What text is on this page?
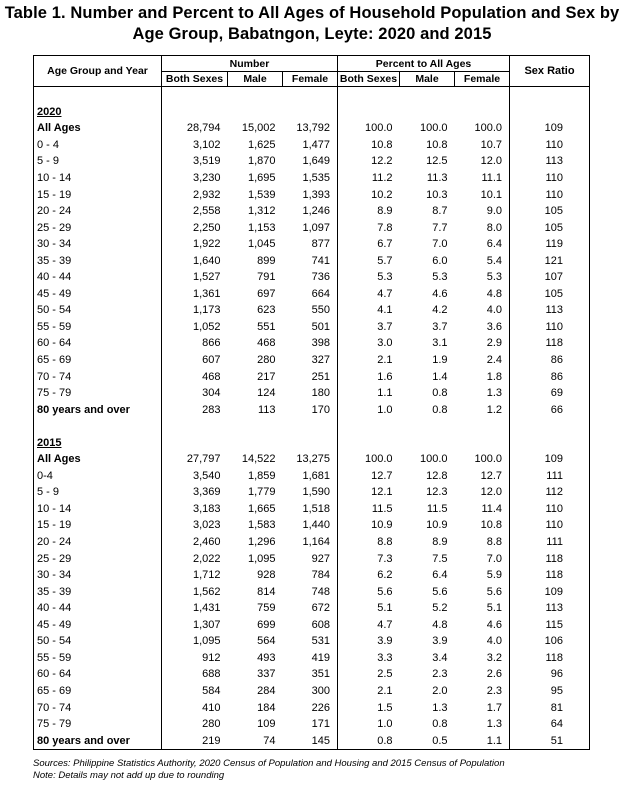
Table 1. Number and Percent to All Ages of Household Population and Sex by Age Group, Babatngon, Leyte: 2020 and 2015
Age Group and Year	Number			Percent to All Ages			Sex Ratio
	Both Sexes	Male	Female	Both Sexes	Male	Female	

2020							
All Ages	28,794	15,002	13,792	100.0	100.0	100.0	109
0 - 4	3,102	1,625	1,477	10.8	10.8	10.7	110
5 - 9	3,519	1,870	1,649	12.2	12.5	12.0	113
10 - 14	3,230	1,695	1,535	11.2	11.3	11.1	110
15 - 19	2,932	1,539	1,393	10.2	10.3	10.1	110
20 - 24	2,558	1,312	1,246	8.9	8.7	9.0	105
25 - 29	2,250	1,153	1,097	7.8	7.7	8.0	105
30 - 34	1,922	1,045	877	6.7	7.0	6.4	119
35 - 39	1,640	899	741	5.7	6.0	5.4	121
40 - 44	1,527	791	736	5.3	5.3	5.3	107
45 - 49	1,361	697	664	4.7	4.6	4.8	105
50 - 54	1,173	623	550	4.1	4.2	4.0	113
55 - 59	1,052	551	501	3.7	3.7	3.6	110
60 - 64	866	468	398	3.0	3.1	2.9	118
65 - 69	607	280	327	2.1	1.9	2.4	86
70 - 74	468	217	251	1.6	1.4	1.8	86
75 - 79	304	124	180	1.1	0.8	1.3	69
80 years and over	283	113	170	1.0	0.8	1.2	66

2015							
All Ages	27,797	14,522	13,275	100.0	100.0	100.0	109
0-4	3,540	1,859	1,681	12.7	12.8	12.7	111
5 - 9	3,369	1,779	1,590	12.1	12.3	12.0	112
10 - 14	3,183	1,665	1,518	11.5	11.5	11.4	110
15 - 19	3,023	1,583	1,440	10.9	10.9	10.8	110
20 - 24	2,460	1,296	1,164	8.8	8.9	8.8	111
25 - 29	2,022	1,095	927	7.3	7.5	7.0	118
30 - 34	1,712	928	784	6.2	6.4	5.9	118
35 - 39	1,562	814	748	5.6	5.6	5.6	109
40 - 44	1,431	759	672	5.1	5.2	5.1	113
45 - 49	1,307	699	608	4.7	4.8	4.6	115
50 - 54	1,095	564	531	3.9	3.9	4.0	106
55 - 59	912	493	419	3.3	3.4	3.2	118
60 - 64	688	337	351	2.5	2.3	2.6	96
65 - 69	584	284	300	2.1	2.0	2.3	95
70 - 74	410	184	226	1.5	1.3	1.7	81
75 - 79	280	109	171	1.0	0.8	1.3	64
80 years and over	219	74	145	0.8	0.5	1.1	51
Sources: Philippine Statistics Authority, 2020 Census of Population and Housing and 2015 Census of Population
Note: Details may not add up due to rounding
